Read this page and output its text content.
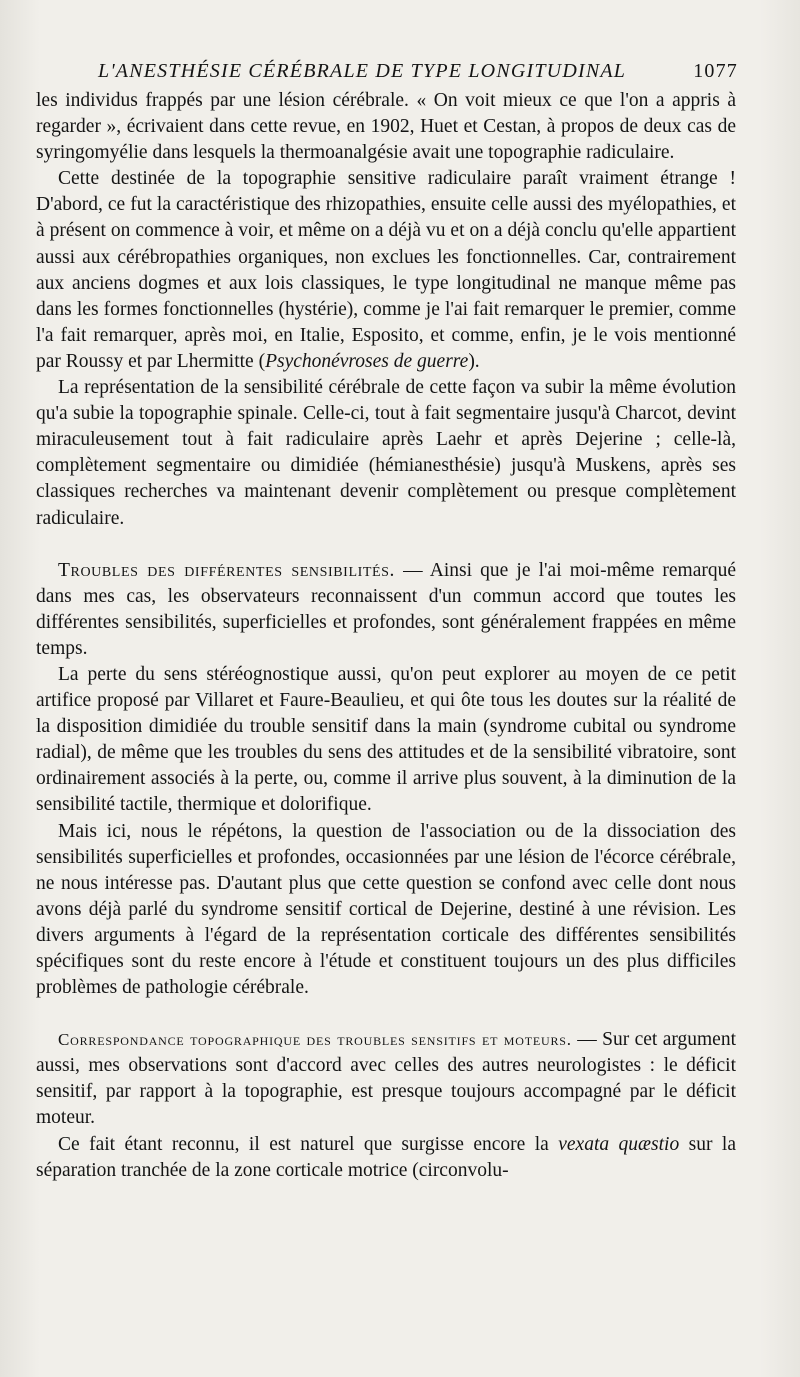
L'ANESTHÉSIE CÉRÉBRALE DE TYPE LONGITUDINAL	1077

les individus frappés par une lésion cérébrale. « On voit mieux ce que l'on a appris à regarder », écrivaient dans cette revue, en 1902, Huet et Cestan, à propos de deux cas de syringomyélie dans lesquels la thermoanalgésie avait une topographie radiculaire.

Cette destinée de la topographie sensitive radiculaire paraît vraiment étrange ! D'abord, ce fut la caractéristique des rhizopathies, ensuite celle aussi des myélopathies, et à présent on commence à voir, et même on a déjà vu et on a déjà conclu qu'elle appartient aussi aux cérébropathies organiques, non exclues les fonctionnelles. Car, contrairement aux anciens dogmes et aux lois classiques, le type longitudinal ne manque même pas dans les formes fonctionnelles (hystérie), comme je l'ai fait remarquer le premier, comme l'a fait remarquer, après moi, en Italie, Esposito, et comme, enfin, je le vois mentionné par Roussy et par Lhermitte (Psychonévroses de guerre).

La représentation de la sensibilité cérébrale de cette façon va subir la même évolution qu'a subie la topographie spinale. Celle-ci, tout à fait segmentaire jusqu'à Charcot, devint miraculeusement tout à fait radiculaire après Laehr et après Dejerine ; celle-là, complètement segmentaire ou dimidiée (hémianesthésie) jusqu'à Muskens, après ses classiques recherches va maintenant devenir complètement ou presque complètement radiculaire.

Troubles des différentes sensibilités. — Ainsi que je l'ai moi-même remarqué dans mes cas, les observateurs reconnaissent d'un commun accord que toutes les différentes sensibilités, superficielles et profondes, sont généralement frappées en même temps.

La perte du sens stéréognostique aussi, qu'on peut explorer au moyen de ce petit artifice proposé par Villaret et Faure-Beaulieu, et qui ôte tous les doutes sur la réalité de la disposition dimidiée du trouble sensitif dans la main (syndrome cubital ou syndrome radial), de même que les troubles du sens des attitudes et de la sensibilité vibratoire, sont ordinairement associés à la perte, ou, comme il arrive plus souvent, à la diminution de la sensibilité tactile, thermique et dolorifique.

Mais ici, nous le répétons, la question de l'association ou de la dissociation des sensibilités superficielles et profondes, occasionnées par une lésion de l'écorce cérébrale, ne nous intéresse pas. D'autant plus que cette question se confond avec celle dont nous avons déjà parlé du syndrome sensitif cortical de Dejerine, destiné à une révision. Les divers arguments à l'égard de la représentation corticale des différentes sensibilités spécifiques sont du reste encore à l'étude et constituent toujours un des plus difficiles problèmes de pathologie cérébrale.

Correspondance topographique des troubles sensitifs et moteurs. — Sur cet argument aussi, mes observations sont d'accord avec celles des autres neurologistes : le déficit sensitif, par rapport à la topographie, est presque toujours accompagné par le déficit moteur.

Ce fait étant reconnu, il est naturel que surgisse encore la vexata quæstio sur la séparation tranchée de la zone corticale motrice (circonvolu-
